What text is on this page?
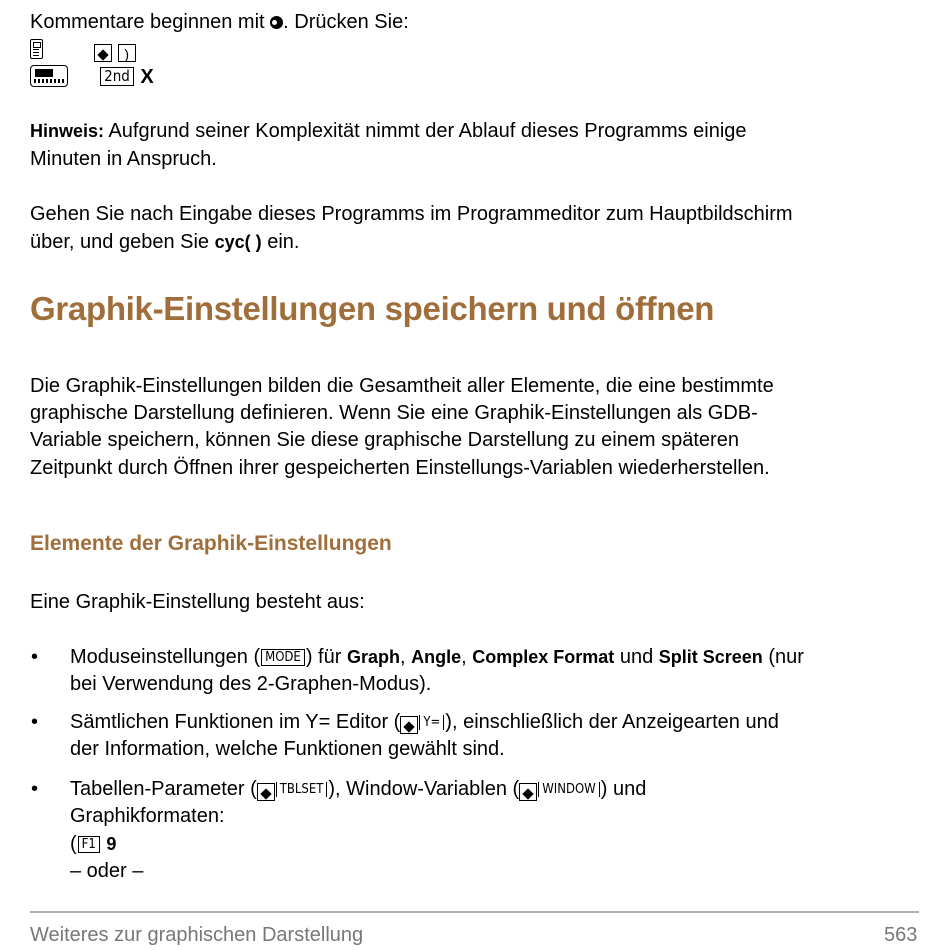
Kommentare beginnen mit . Drücken Sie:
)
2nd X
Hinweis: Aufgrund seiner Komplexität nimmt der Ablauf dieses Programms einige
Minuten in Anspruch.
Gehen Sie nach Eingabe dieses Programms im Programmeditor zum Hauptbildschirm
über, und geben Sie cyc( ) ein.
Graphik-Einstellungen speichern und öffnen
Die Graphik-Einstellungen bilden die Gesamtheit aller Elemente, die eine bestimmte
graphische Darstellung definieren. Wenn Sie eine Graphik-Einstellungen als GDB-
Variable speichern, können Sie diese graphische Darstellung zu einem späteren
Zeitpunkt durch Öffnen ihrer gespeicherten Einstellungs-Variablen wiederherstellen.
Elemente der Graphik-Einstellungen
Eine Graphik-Einstellung besteht aus:
• Moduseinstellungen ( MODE ) für Graph, Angle, Complex Format und Split Screen (nur
bei Verwendung des 2-Graphen-Modus).
• Sämtlichen Funktionen im Y= Editor ( Y= ), einschließlich der Anzeigearten und
der Information, welche Funktionen gewählt sind.
• Tabellen-Parameter ( TBLSET ), Window-Variablen ( WINDOW ) und
Graphikformaten:
( F1 9
– oder –
Weiteres zur graphischen Darstellung	563
